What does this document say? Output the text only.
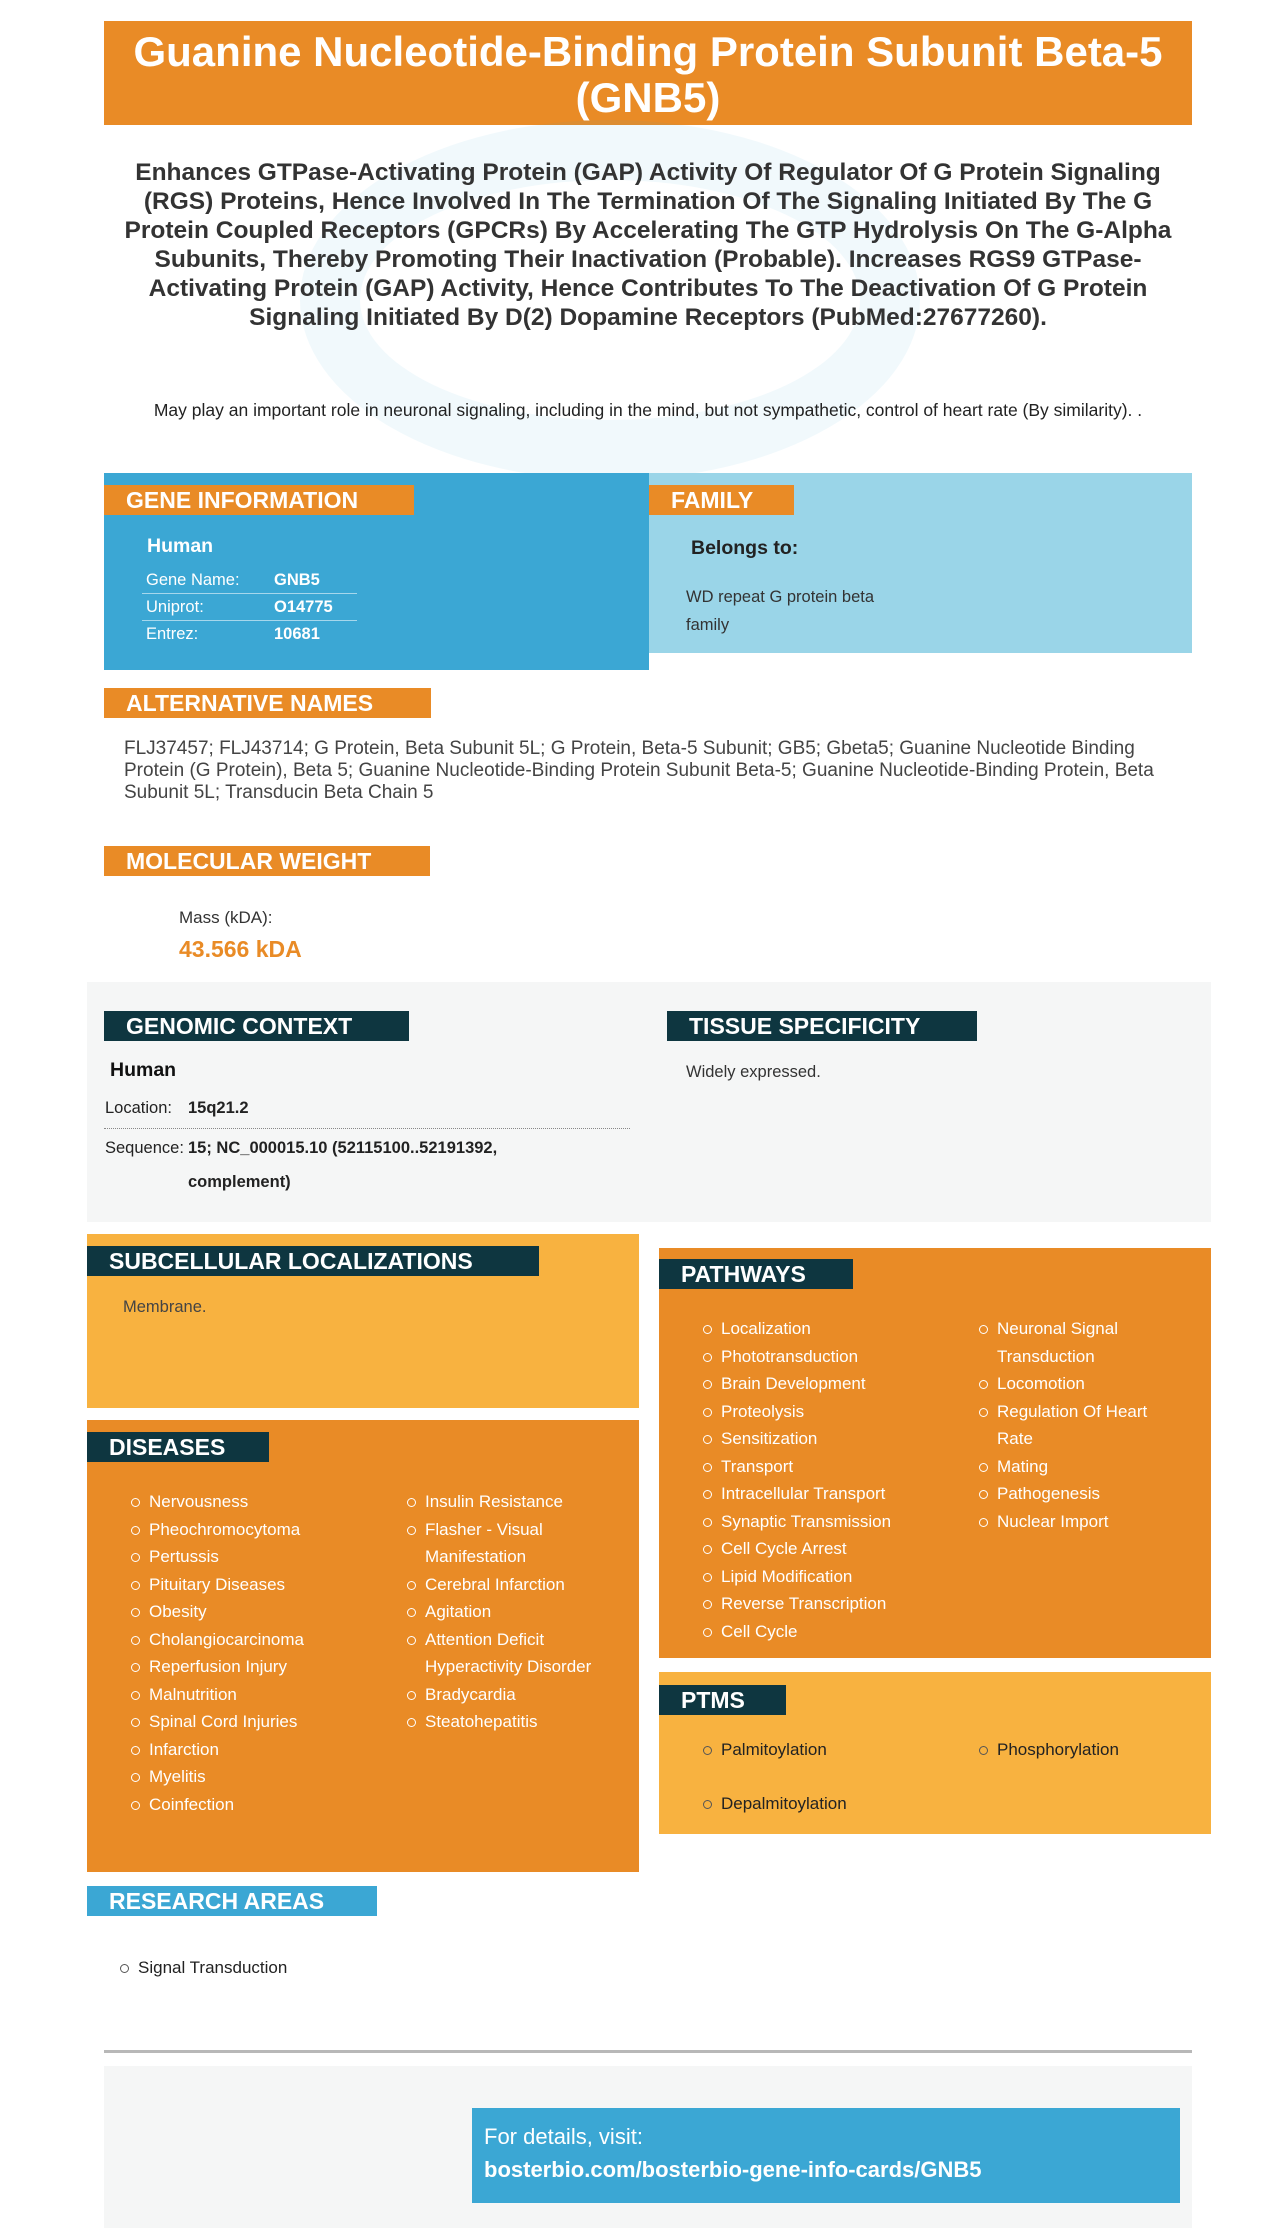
Guanine Nucleotide-Binding Protein Subunit Beta-5 (GNB5)
Enhances GTPase-Activating Protein (GAP) Activity Of Regulator Of G Protein Signaling (RGS) Proteins, Hence Involved In The Termination Of The Signaling Initiated By The G Protein Coupled Receptors (GPCRs) By Accelerating The GTP Hydrolysis On The G-Alpha Subunits, Thereby Promoting Their Inactivation (Probable). Increases RGS9 GTPase-Activating Protein (GAP) Activity, Hence Contributes To The Deactivation Of G Protein Signaling Initiated By D(2) Dopamine Receptors (PubMed:27677260).
May play an important role in neuronal signaling, including in the mind, but not sympathetic, control of heart rate (By similarity). .
GENE INFORMATION
Human
Gene Name: GNB5
Uniprot:	O14775
Entrez:	10681
FAMILY
Belongs to:
WD repeat G protein beta
family
ALTERNATIVE NAMES
FLJ37457; FLJ43714; G Protein, Beta Subunit 5L; G Protein, Beta-5 Subunit; GB5; Gbeta5; Guanine Nucleotide Binding Protein (G Protein), Beta 5; Guanine Nucleotide-Binding Protein Subunit Beta-5; Guanine Nucleotide-Binding Protein, Beta Subunit 5L; Transducin Beta Chain 5
MOLECULAR WEIGHT
Mass (kDA):
43.566 kDA
GENOMIC CONTEXT
Human
Location: 15q21.2
Sequence: 15; NC_000015.10 (52115100..52191392,
complement)
TISSUE SPECIFICITY
Widely expressed.
SUBCELLULAR LOCALIZATIONS
Membrane.
DISEASES
Nervousness
Pheochromocytoma
Pertussis
Pituitary Diseases
Obesity
Cholangiocarcinoma
Reperfusion Injury
Malnutrition
Spinal Cord Injuries
Infarction
Myelitis
Coinfection
Insulin Resistance
Flasher - Visual Manifestation
Cerebral Infarction
Agitation
Attention Deficit Hyperactivity Disorder
Bradycardia
Steatohepatitis
PATHWAYS
Localization
Phototransduction
Brain Development
Proteolysis
Sensitization
Transport
Intracellular Transport
Synaptic Transmission
Cell Cycle Arrest
Lipid Modification
Reverse Transcription
Cell Cycle
Neuronal Signal Transduction
Locomotion
Regulation Of Heart Rate
Mating
Pathogenesis
Nuclear Import
PTMS
Palmitoylation
Depalmitoylation
Phosphorylation
RESEARCH AREAS
Signal Transduction
For details, visit:
bosterbio.com/bosterbio-gene-info-cards/GNB5
